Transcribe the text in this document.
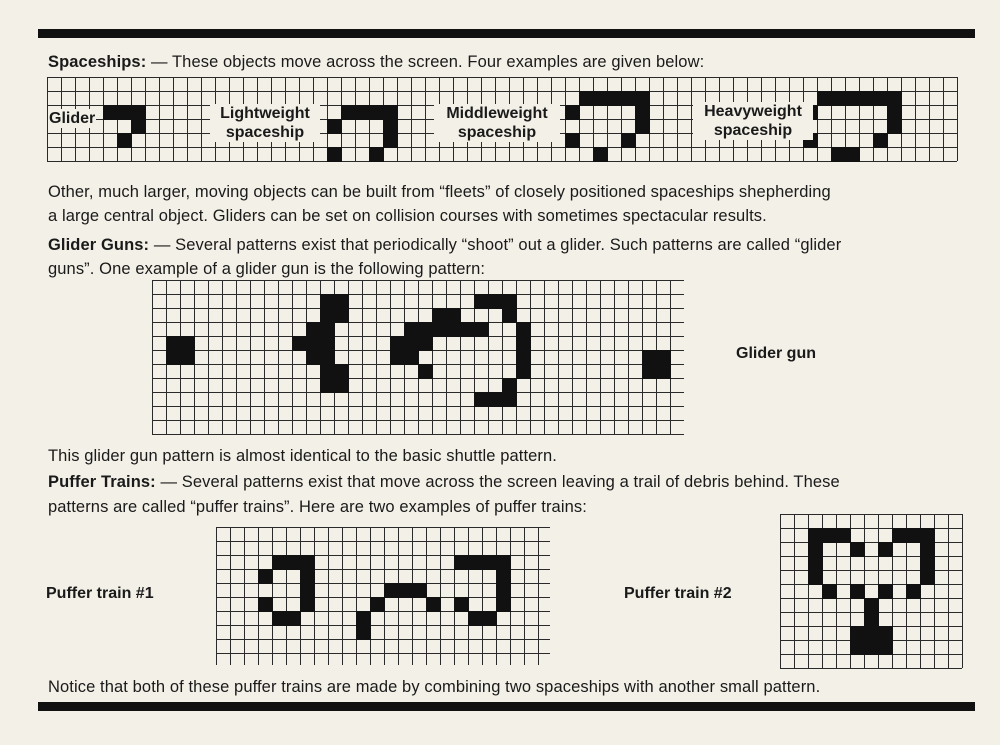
Spaceships: — These objects move across the screen. Four examples are given below:
Glider	Lightweight
spaceship
Middleweight
spaceship
Heavyweight
spaceship
Other, much larger, moving objects can be built from “fleets” of closely positioned spaceships shepherding
a large central object. Gliders can be set on collision courses with sometimes spectacular results.
Glider Guns: — Several patterns exist that periodically “shoot” out a glider. Such patterns are called “glider
guns”. One example of a glider gun is the following pattern:
Glider gun
This glider gun pattern is almost identical to the basic shuttle pattern.
Puffer Trains: — Several patterns exist that move across the screen leaving a trail of debris behind. These
patterns are called “puffer trains”. Here are two examples of puffer trains:
Puffer train #1	Puffer train #2
Notice that both of these puffer trains are made by combining two spaceships with another small pattern.
